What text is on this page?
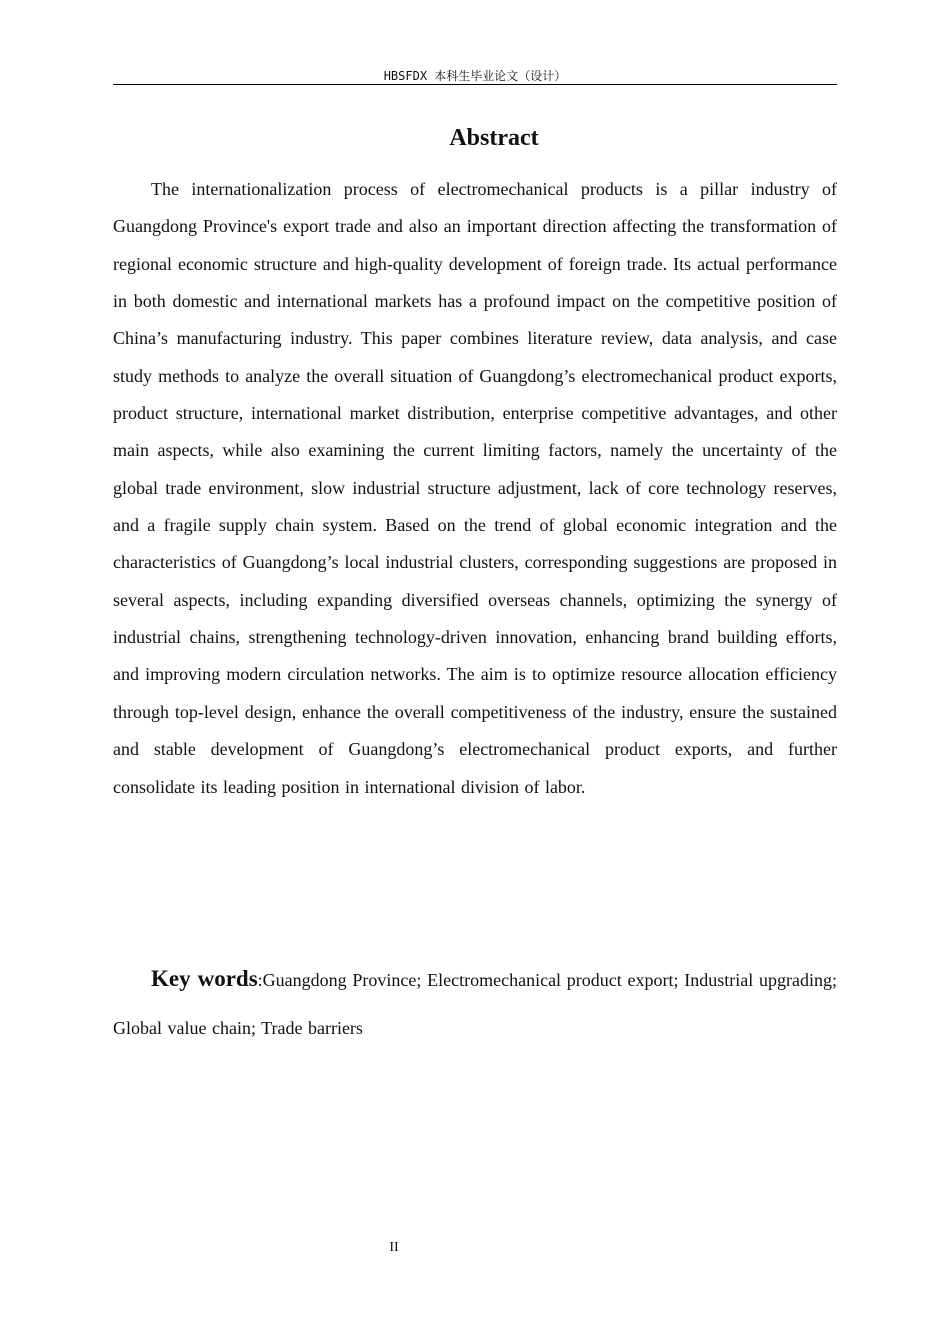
HBSFDX 本科生毕业论文（设计）
Abstract

The internationalization process of electromechanical products is a pillar industry of Guangdong Province's export trade and also an important direction affecting the transformation of regional economic structure and high-quality development of foreign trade. Its actual performance in both domestic and international markets has a profound impact on the competitive position of China’s manufacturing industry. This paper combines literature review, data analysis, and case study methods to analyze the overall situation of Guangdong’s electromechanical product exports, product structure, international market distribution, enterprise competitive advantages, and other main aspects, while also examining the current limiting factors, namely the uncertainty of the global trade environment, slow industrial structure adjustment, lack of core technology reserves, and a fragile supply chain system. Based on the trend of global economic integration and the characteristics of Guangdong’s local industrial clusters, corresponding suggestions are proposed in several aspects, including expanding diversified overseas channels, optimizing the synergy of industrial chains, strengthening technology-driven innovation, enhancing brand building efforts, and improving modern circulation networks. The aim is to optimize resource allocation efficiency through top-level design, enhance the overall competitiveness of the industry, ensure the sustained and stable development of Guangdong’s electromechanical product exports, and further consolidate its leading position in international division of labor.

Key words:Guangdong Province; Electromechanical product export; Industrial upgrading; Global value chain; Trade barriers

II
